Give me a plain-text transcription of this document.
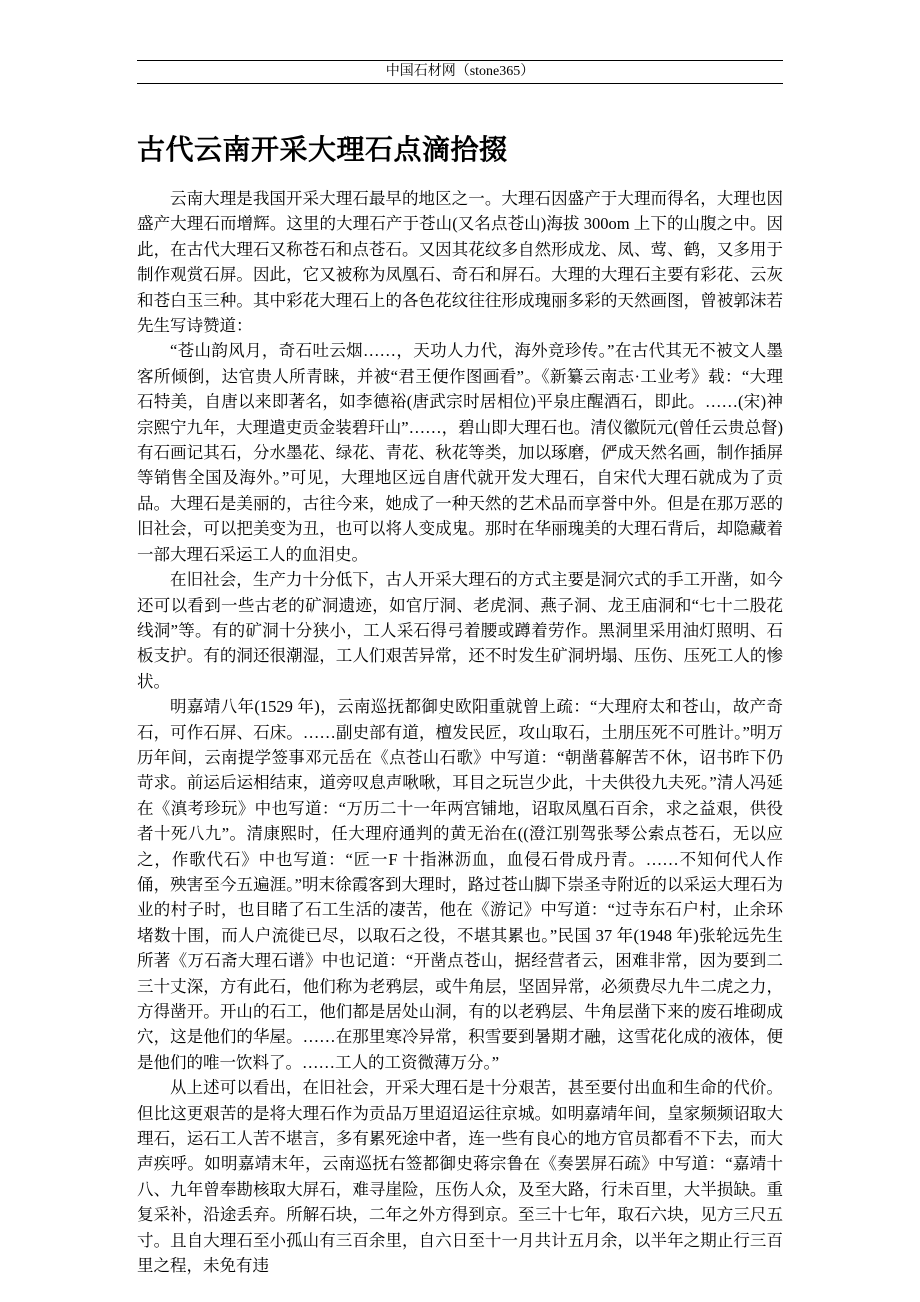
中国石材网（stone365）
古代云南开采大理石点滴拾掇

云南大理是我国开采大理石最早的地区之一。大理石因盛产于大理而得名，大理也因盛产大理石而增辉。这里的大理石产于苍山(又名点苍山)海拔 300om 上下的山腹之中。因此，在古代大理石又称苍石和点苍石。又因其花纹多自然形成龙、凤、莺、鹤，又多用于制作观赏石屏。因此，它又被称为凤凰石、奇石和屏石。大理的大理石主要有彩花、云灰和苍白玉三种。其中彩花大理石上的各色花纹往往形成瑰丽多彩的天然画图，曾被郭沫若先生写诗赞道：

“苍山韵风月，奇石吐云烟……，天功人力代，海外竞珍传。”在古代其无不被文人墨客所倾倒，达官贵人所青睐，并被“君王便作图画看”。《新纂云南志·工业考》载：“大理石特美，自唐以来即著名，如李德裕(唐武宗时居相位)平泉庄醒酒石，即此。……(宋)神宗熙宁九年，大理遣吏贡金装碧玕山”……，碧山即大理石也。清仪徽阮元(曾任云贵总督)有石画记其石，分水墨花、绿花、青花、秋花等类，加以琢磨，俨成天然名画，制作插屏等销售全国及海外。”可见，大理地区远自唐代就开发大理石，自宋代大理石就成为了贡品。大理石是美丽的，古往今来，她成了一种天然的艺术品而享誉中外。但是在那万恶的旧社会，可以把美变为丑，也可以将人变成鬼。那时在华丽瑰美的大理石背后，却隐藏着一部大理石采运工人的血泪史。

在旧社会，生产力十分低下，古人开采大理石的方式主要是洞穴式的手工开凿，如今还可以看到一些古老的矿洞遗迹，如官厅洞、老虎洞、燕子洞、龙王庙洞和“七十二股花线洞”等。有的矿洞十分狭小，工人采石得弓着腰或蹲着劳作。黑洞里采用油灯照明、石板支护。有的洞还很潮湿，工人们艰苦异常，还不时发生矿洞坍塌、压伤、压死工人的惨状。

明嘉靖八年(1529 年)，云南巡抚都御史欧阳重就曾上疏：“大理府太和苍山，故产奇石，可作石屏、石床。……副史部有道，檀发民匠，攻山取石，土朋压死不可胜计。”明万历年间，云南提学签事邓元岳在《点苍山石歌》中写道：“朝凿暮解苦不休，诏书昨下仍苛求。前运后运相结束，道旁叹息声啾啾，耳目之玩岂少此，十夫供役九夫死。”清人冯延在《滇考珍玩》中也写道：“万历二十一年两宫铺地，诏取凤凰石百余，求之益艰，供役者十死八九”。清康熙时，任大理府通判的黄无治在((澄江别驾张琴公索点苍石，无以应之，作歌代石》中也写道：“匠一F 十指淋沥血，血侵石骨成丹青。……不知何代人作俑，殃害至今五遍涯。”明末徐霞客到大理时，路过苍山脚下崇圣寺附近的以采运大理石为业的村子时，也目睹了石工生活的凄苦，他在《游记》中写道：“过寺东石户村，止余环堵数十围，而人户流徙已尽，以取石之役，不堪其累也。”民国 37 年(1948 年)张轮远先生所著《万石斋大理石谱》中也记道：“开凿点苍山，据经营者云，困难非常，因为要到二三十丈深，方有此石，他们称为老鸦层，或牛角层，坚固异常，必须费尽九牛二虎之力，方得凿开。开山的石工，他们都是居处山洞，有的以老鸦层、牛角层凿下来的废石堆砌成穴，这是他们的华屋。……在那里寒冷异常，积雪要到暑期才融，这雪花化成的液体，便是他们的唯一饮料了。……工人的工资微薄万分。”

从上述可以看出，在旧社会，开采大理石是十分艰苦，甚至要付出血和生命的代价。但比这更艰苦的是将大理石作为贡品万里迢迢运往京城。如明嘉靖年间，皇家频频诏取大理石，运石工人苦不堪言，多有累死途中者，连一些有良心的地方官员都看不下去，而大声疾呼。如明嘉靖末年，云南巡抚右签都御史蒋宗鲁在《奏罢屏石疏》中写道：“嘉靖十八、九年曾奉勘核取大屏石，难寻崖险，压伤人众，及至大路，行未百里，大半损缺。重复采补，沿途丢弃。所解石块，二年之外方得到京。至三十七年，取石六块，见方三尺五寸。且自大理石至小孤山有三百余里，自六日至十一月共计五月余，以半年之期止行三百里之程，未免有违
